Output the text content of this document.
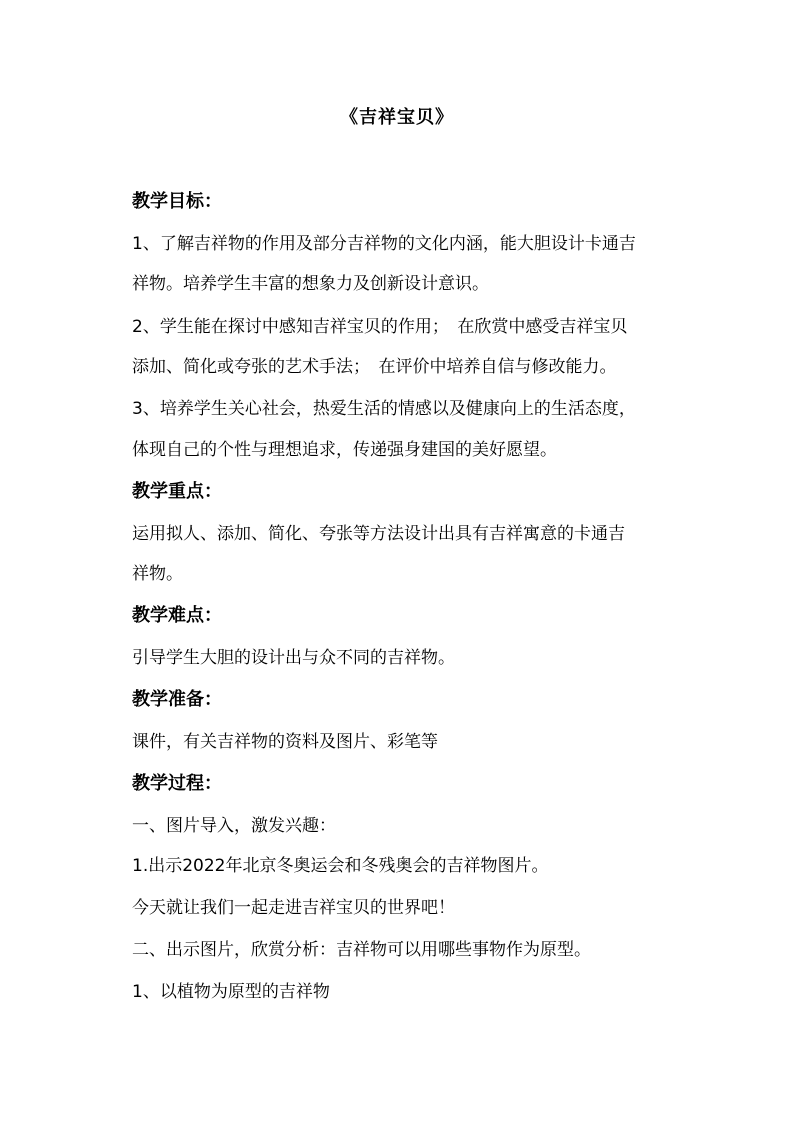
《吉祥宝贝》
教学目标：
1、了解吉祥物的作用及部分吉祥物的文化内涵，能大胆设计卡通吉
祥物。培养学生丰富的想象力及创新设计意识。
2、学生能在探讨中感知吉祥宝贝的作用；　在欣赏中感受吉祥宝贝
添加、简化或夸张的艺术手法；　在评价中培养自信与修改能力。
3、培养学生关心社会，热爱生活的情感以及健康向上的生活态度，
体现自己的个性与理想追求，传递强身建国的美好愿望。
教学重点：
运用拟人、添加、简化、夸张等方法设计出具有吉祥寓意的卡通吉
祥物。
教学难点：
引导学生大胆的设计出与众不同的吉祥物。
教学准备：
课件，有关吉祥物的资料及图片、彩笔等
教学过程：
一、图片导入，激发兴趣：
1.出示2022年北京冬奥运会和冬残奥会的吉祥物图片。
今天就让我们一起走进吉祥宝贝的世界吧！
二、出示图片，欣赏分析：吉祥物可以用哪些事物作为原型。
1、以植物为原型的吉祥物
